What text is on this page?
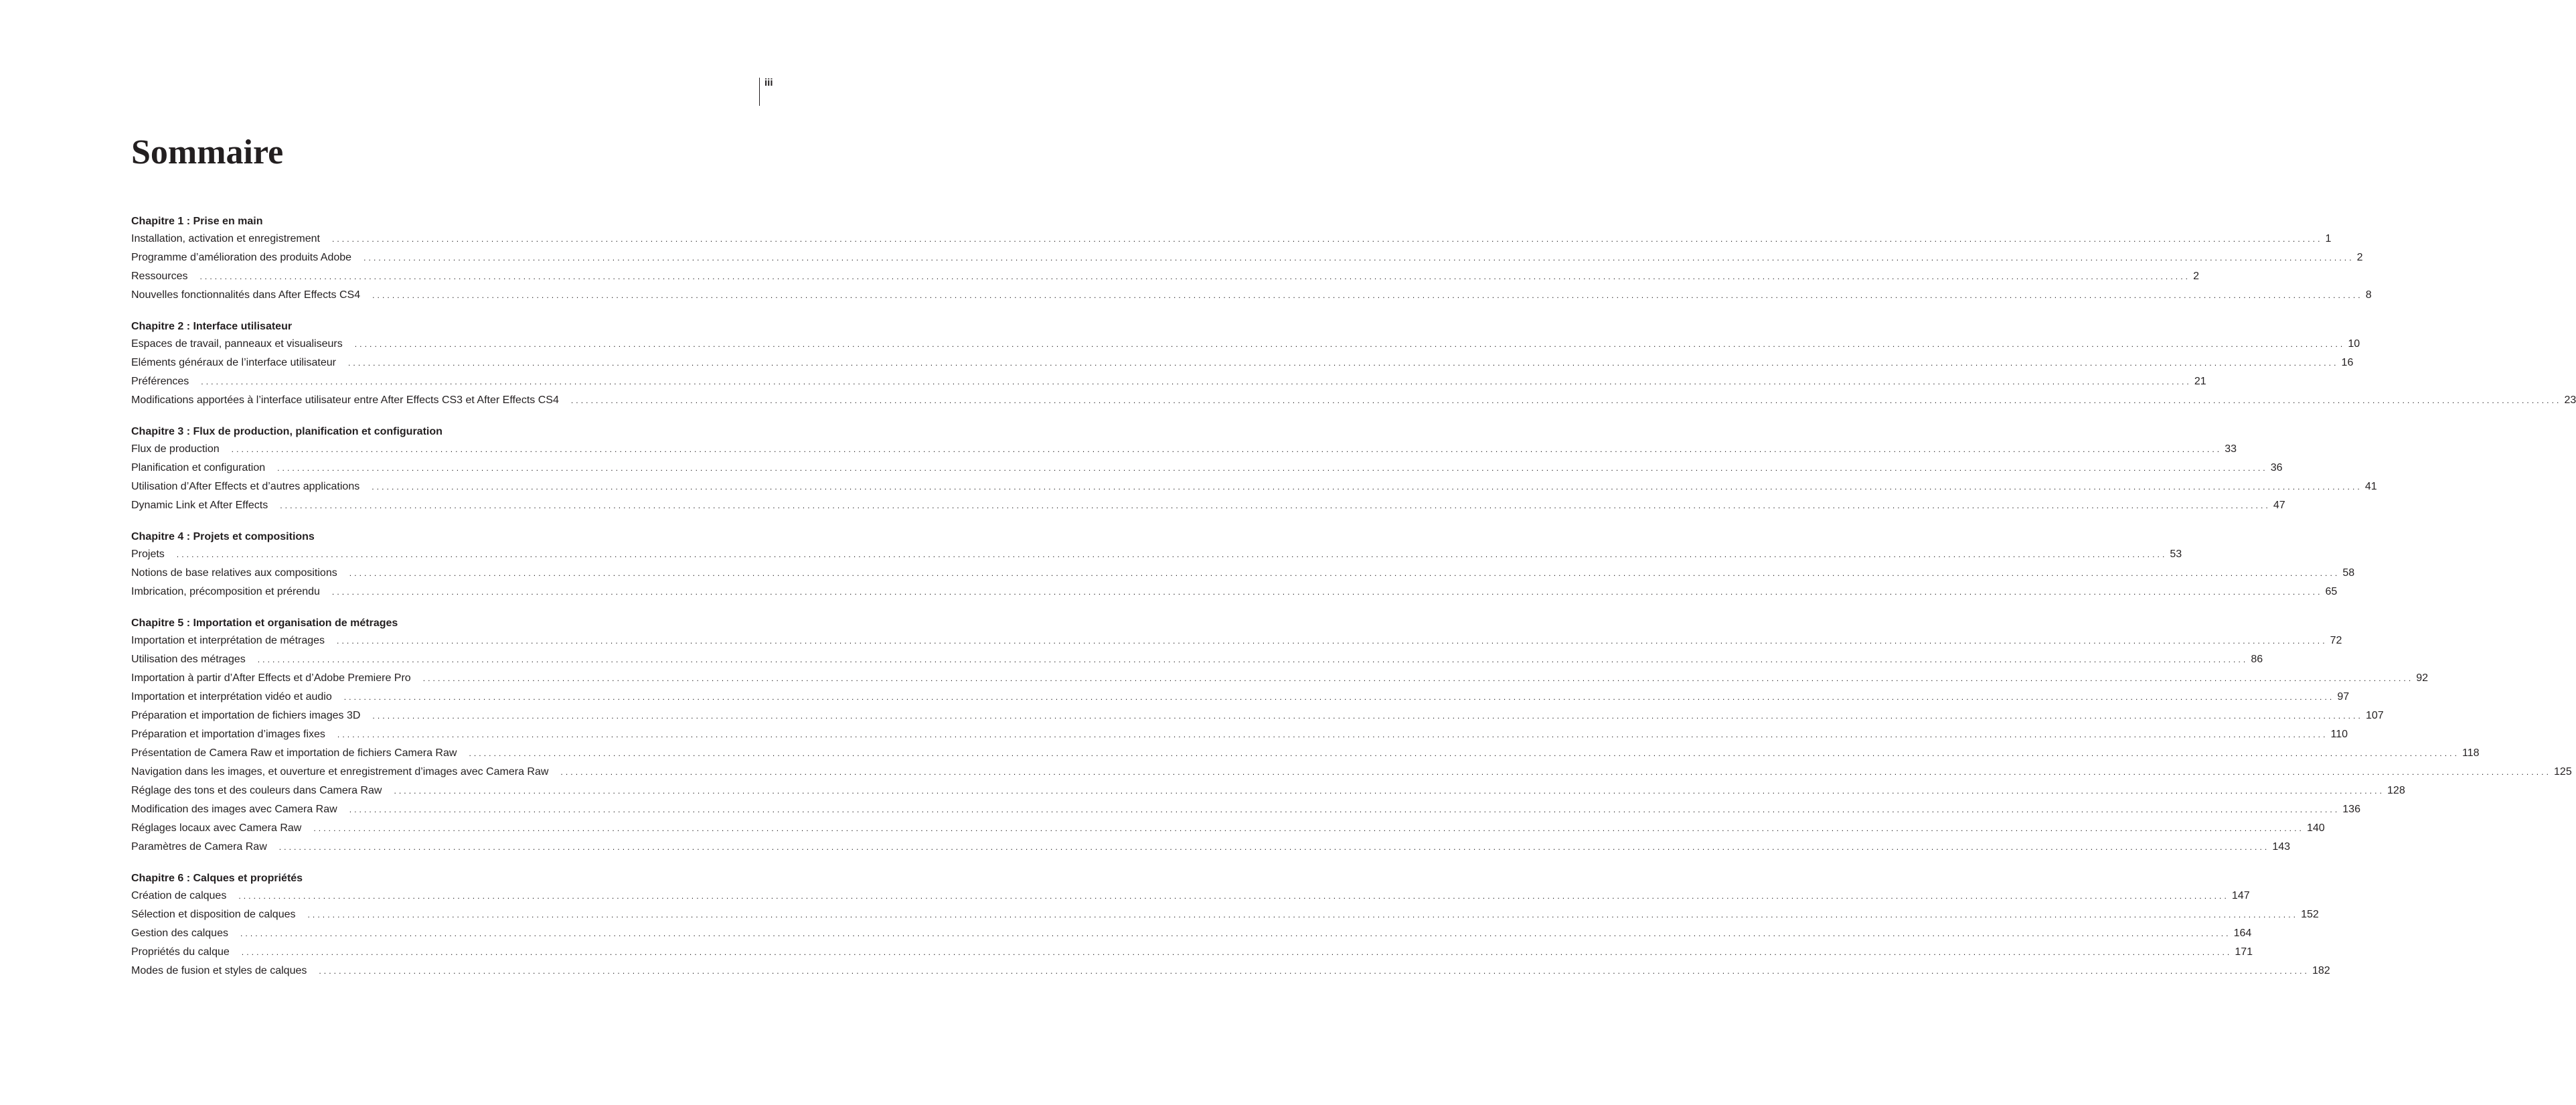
iii
Sommaire
Chapitre 1 : Prise en main
Installation, activation et enregistrement	................................................................................................................................................................................................................................................................................................................................................................................................................ 1
Programme d’amélioration des produits Adobe	................................................................................................................................................................................................................................................................................................................................................................................................................ 2
Ressources	................................................................................................................................................................................................................................................................................................................................................................................................................ 2
Nouvelles fonctionnalités dans After Effects CS4	................................................................................................................................................................................................................................................................................................................................................................................................................ 8
Chapitre 2 : Interface utilisateur
Espaces de travail, panneaux et visualiseurs	................................................................................................................................................................................................................................................................................................................................................................................................................ 10
Eléments généraux de l’interface utilisateur	................................................................................................................................................................................................................................................................................................................................................................................................................ 16
Préférences	................................................................................................................................................................................................................................................................................................................................................................................................................ 21
Modifications apportées à l’interface utilisateur entre After Effects CS3 et After Effects CS4	................................................................................................................................................................................................................................................................................................................................................................................................................ 23
Chapitre 3 : Flux de production, planification et configuration
Flux de production	................................................................................................................................................................................................................................................................................................................................................................................................................ 33
Planification et configuration	................................................................................................................................................................................................................................................................................................................................................................................................................ 36
Utilisation d’After Effects et d’autres applications	................................................................................................................................................................................................................................................................................................................................................................................................................ 41
Dynamic Link et After Effects	................................................................................................................................................................................................................................................................................................................................................................................................................ 47
Chapitre 4 : Projets et compositions
Projets	................................................................................................................................................................................................................................................................................................................................................................................................................ 53
Notions de base relatives aux compositions	................................................................................................................................................................................................................................................................................................................................................................................................................ 58
Imbrication, précomposition et prérendu	................................................................................................................................................................................................................................................................................................................................................................................................................ 65
Chapitre 5 : Importation et organisation de métrages
Importation et interprétation de métrages	................................................................................................................................................................................................................................................................................................................................................................................................................ 72
Utilisation des métrages	................................................................................................................................................................................................................................................................................................................................................................................................................ 86
Importation à partir d’After Effects et d’Adobe Premiere Pro	................................................................................................................................................................................................................................................................................................................................................................................................................ 92
Importation et interprétation vidéo et audio	................................................................................................................................................................................................................................................................................................................................................................................................................ 97
Préparation et importation de fichiers images 3D	................................................................................................................................................................................................................................................................................................................................................................................................................ 107
Préparation et importation d’images fixes	................................................................................................................................................................................................................................................................................................................................................................................................................ 110
Présentation de Camera Raw et importation de fichiers Camera Raw	................................................................................................................................................................................................................................................................................................................................................................................................................ 118
Navigation dans les images, et ouverture et enregistrement d’images avec Camera Raw	................................................................................................................................................................................................................................................................................................................................................................................................................ 125
Réglage des tons et des couleurs dans Camera Raw	................................................................................................................................................................................................................................................................................................................................................................................................................ 128
Modification des images avec Camera Raw	................................................................................................................................................................................................................................................................................................................................................................................................................ 136
Réglages locaux avec Camera Raw	................................................................................................................................................................................................................................................................................................................................................................................................................ 140
Paramètres de Camera Raw	................................................................................................................................................................................................................................................................................................................................................................................................................ 143
Chapitre 6 : Calques et propriétés
Création de calques	................................................................................................................................................................................................................................................................................................................................................................................................................ 147
Sélection et disposition de calques	................................................................................................................................................................................................................................................................................................................................................................................................................ 152
Gestion des calques	................................................................................................................................................................................................................................................................................................................................................................................................................ 164
Propriétés du calque	................................................................................................................................................................................................................................................................................................................................................................................................................ 171
Modes de fusion et styles de calques	................................................................................................................................................................................................................................................................................................................................................................................................................ 182
